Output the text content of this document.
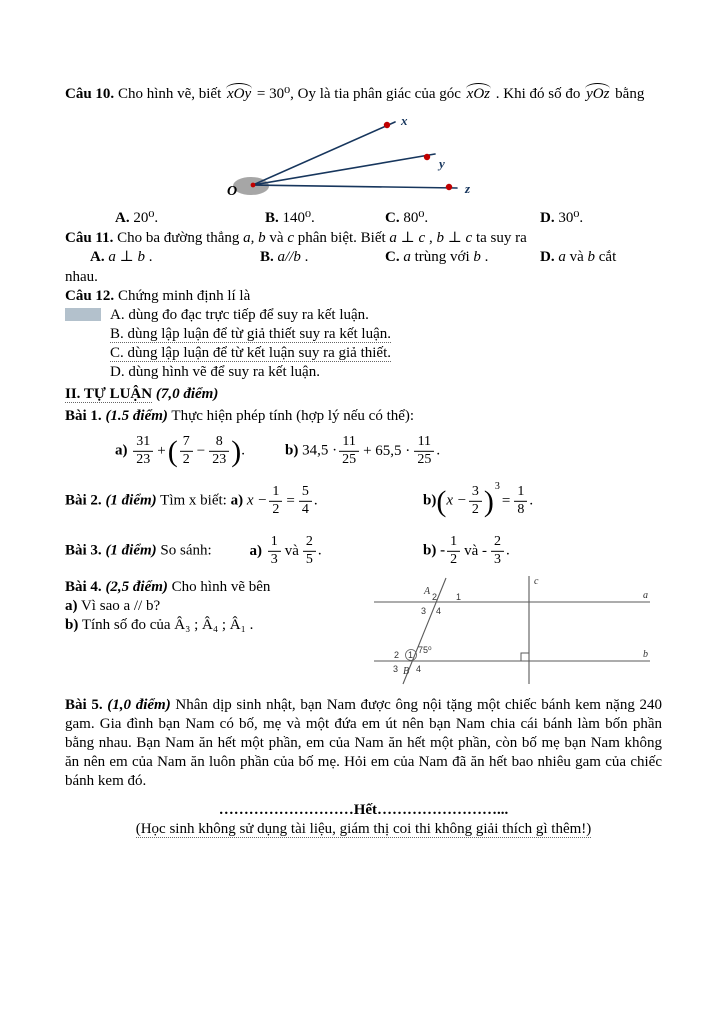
Câu 10. Cho hình vẽ, biết xOy = 30⁰, Oy là tia phân giác của góc xOz . Khi đó số đo yOz bằng
x
y
z
O
A. 20⁰.	B. 140⁰.	C. 80⁰.	D. 30⁰.
Câu 11. Cho ba đường thẳng a, b và c phân biệt. Biết a ⊥ c , b ⊥ c ta suy ra
A. a ⊥ b .	B. a//b .	C. a trùng với b .	D. a và b cắt
nhau.
Câu 12. Chứng minh định lí là
A. dùng đo đạc trực tiếp để suy ra kết luận.
B. dùng lập luận để từ giả thiết suy ra kết luận.
C. dùng lập luận để từ kết luận suy ra giả thiết.
D. dùng hình vẽ để suy ra kết luận.
II. TỰ LUẬN (7,0 điểm)
Bài 1. (1.5 điểm) Thực hiện phép tính (hợp lý nếu có thể):
$a) \frac{31}{23}$ +( $\frac{7}{2} - \frac{8}{23}$ ).	b) $34,5 \cdot \frac{11}{25} + 65,5 \cdot \frac{11}{25}$ .
Bài 2. (1 điểm) Tìm x biết: a) $x - \frac{1}{2} = \frac{5}{4}$ .	$b)(x - \frac{3}{2} )^3= \frac{1}{8}$ .
Bài 3. (1 điểm) So sánh:	$a) \frac{1}{3}$ và $\frac{2}{5}$ .	$b) - \frac{1}{2}$ và - $\frac{2}{3}$ .
Bài 4. (2,5 điểm) Cho hình vẽ bên
a) Vì sao a // b?
b) Tính số đo của Â₃ ; Â₄ ; Â₁ .
c
a
b
A 2 1
3 4
2 1 75⁰
3 B 4
Bài 5. (1,0 điểm) Nhân dịp sinh nhật, bạn Nam được ông nội tặng một chiếc bánh kem nặng 240 gam. Gia đình bạn Nam có bố, mẹ và một đứa em út nên bạn Nam chia cái bánh làm bốn phần bằng nhau. Bạn Nam ăn hết một phần, em của Nam ăn hết một phần, còn bố mẹ bạn Nam không ăn nên em của Nam ăn luôn phần của bố mẹ. Hỏi em của Nam đã ăn hết bao nhiêu gam của chiếc bánh kem đó.
………………………Hết……………………...
(Học sinh không sử dụng tài liệu, giám thị coi thi không giải thích gì thêm!)
